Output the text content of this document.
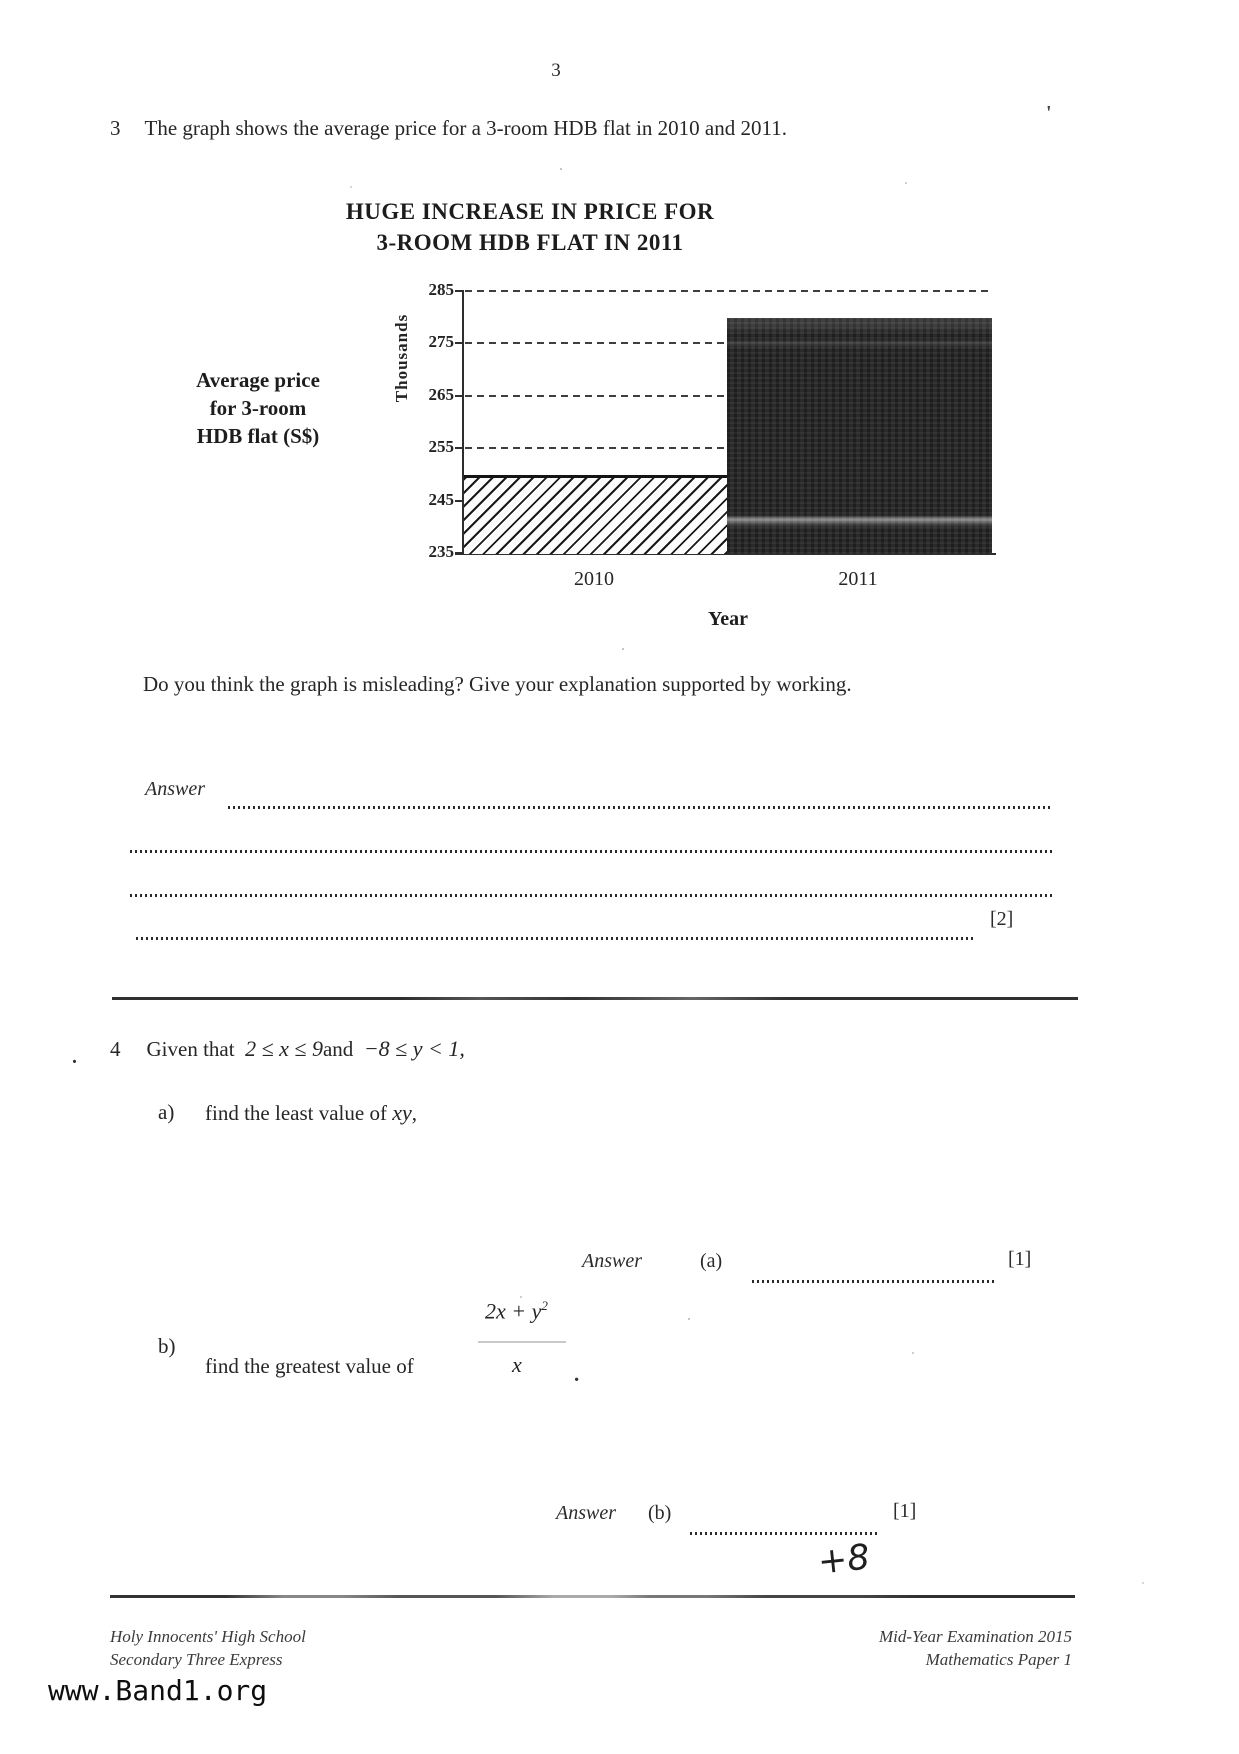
3
'
3 The graph shows the average price for a 3-room HDB flat in 2010 and 2011.
HUGE INCREASE IN PRICE FOR
3-ROOM HDB FLAT IN 2011
Average price
for 3-room
HDB flat (S$)
Thousands
285
275
265
255
245
235
2010	2011
Year
Do you think the graph is misleading? Give your explanation supported by working.
Answer
[2]
. 4 Given that 2 ≤ x ≤ 9and −8 ≤ y < 1,
a) find the least value of xy,
Answer	(a)	[1]
$2x + y^2$
b)
find the greatest value of	x .
Answer (b)	[1]
+8
Holy Innocents' High School
Secondary Three Express
Mid-Year Examination 2015
Mathematics Paper 1
www.Band1.org
